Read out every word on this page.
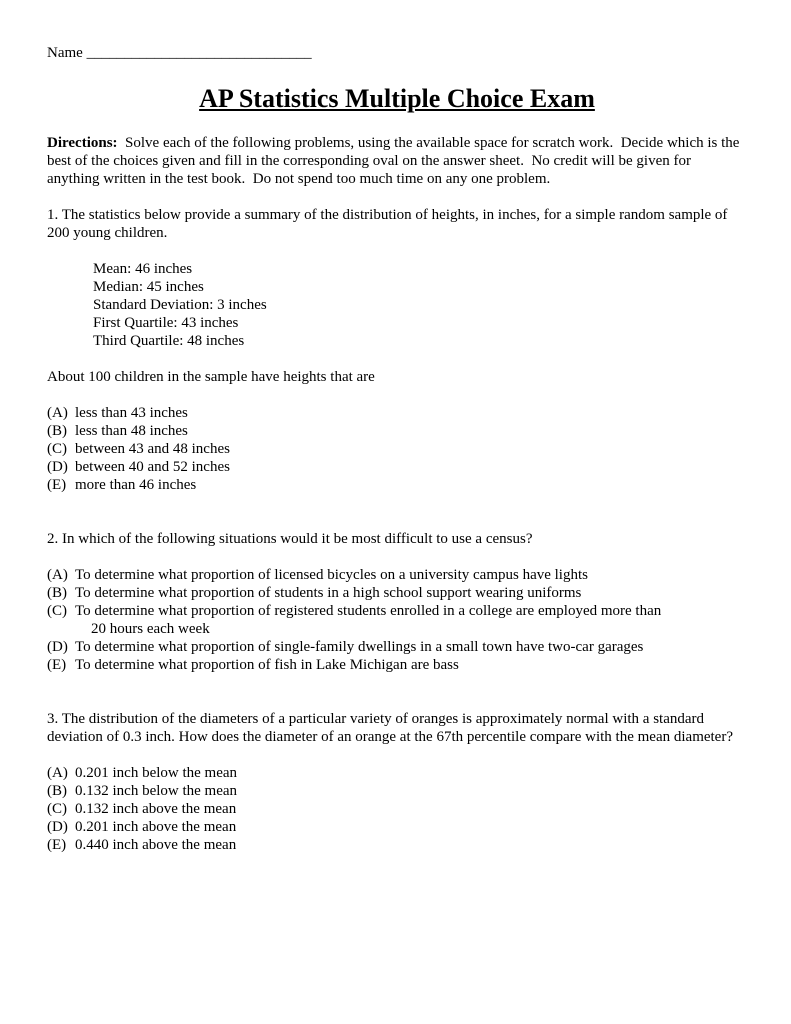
Name ______________________________
AP Statistics Multiple Choice Exam
Directions:  Solve each of the following problems, using the available space for scratch work.  Decide which is the best of the choices given and fill in the corresponding oval on the answer sheet.  No credit will be given for anything written in the test book.  Do not spend too much time on any one problem.
1. The statistics below provide a summary of the distribution of heights, in inches, for a simple random sample of 200 young children.
Mean: 46 inches
Median: 45 inches
Standard Deviation: 3 inches
First Quartile: 43 inches
Third Quartile: 48 inches
About 100 children in the sample have heights that are
(A) less than 43 inches
(B) less than 48 inches
(C) between 43 and 48 inches
(D) between 40 and 52 inches
(E) more than 46 inches
2. In which of the following situations would it be most difficult to use a census?
(A) To determine what proportion of licensed bicycles on a university campus have lights
(B) To determine what proportion of students in a high school support wearing uniforms
(C) To determine what proportion of registered students enrolled in a college are employed more than
20 hours each week
(D) To determine what proportion of single-family dwellings in a small town have two-car garages
(E) To determine what proportion of fish in Lake Michigan are bass
3. The distribution of the diameters of a particular variety of oranges is approximately normal with a standard deviation of 0.3 inch. How does the diameter of an orange at the 67th percentile compare with the mean diameter?
(A) 0.201 inch below the mean
(B) 0.132 inch below the mean
(C) 0.132 inch above the mean
(D) 0.201 inch above the mean
(E) 0.440 inch above the mean
